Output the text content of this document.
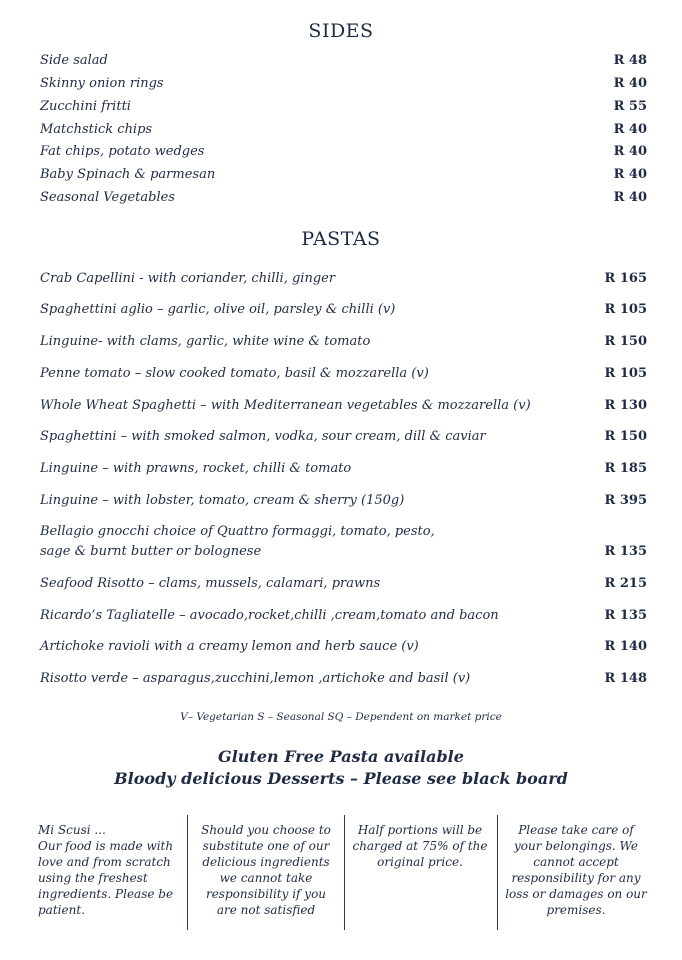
SIDES
Side salad	R 48
Skinny onion rings	R 40
Zucchini fritti	R 55
Matchstick chips	R 40
Fat chips, potato wedges	R 40
Baby Spinach & parmesan	R 40
Seasonal Vegetables	R 40
PASTAS
Crab Capellini - with coriander, chilli, ginger	R 165
Spaghettini aglio – garlic, olive oil, parsley & chilli (v)	R 105
Linguine- with clams, garlic, white wine & tomato	R 150
Penne tomato – slow cooked tomato, basil & mozzarella (v)	R 105
Whole Wheat Spaghetti – with Mediterranean vegetables & mozzarella (v)	R 130
Spaghettini – with smoked salmon, vodka, sour cream, dill & caviar	R 150
Linguine – with prawns, rocket, chilli & tomato	R 185
Linguine – with lobster, tomato, cream & sherry (150g)	R 395
Bellagio gnocchi choice of Quattro formaggi, tomato, pesto, sage & burnt butter or bolognese	R 135
Seafood Risotto – clams, mussels, calamari, prawns	R 215
Ricardo’s Tagliatelle – avocado,rocket,chilli ,cream,tomato and bacon	R 135
Artichoke ravioli with a creamy lemon and herb sauce (v)	R 140
Risotto verde – asparagus,zucchini,lemon ,artichoke and basil (v)	R 148
V– Vegetarian S – Seasonal SQ – Dependent on market price
Gluten Free Pasta available
Bloody delicious Desserts – Please see black board
Mi Scusi ...
Our food is made with love and from scratch using the freshest ingredients. Please be patient.
Should you choose to substitute one of our delicious ingredients we cannot take responsibility if you are not satisfied
Half portions will be charged at 75% of the original price.
Please take care of your belongings. We cannot accept responsibility for any loss or damages on our premises.
